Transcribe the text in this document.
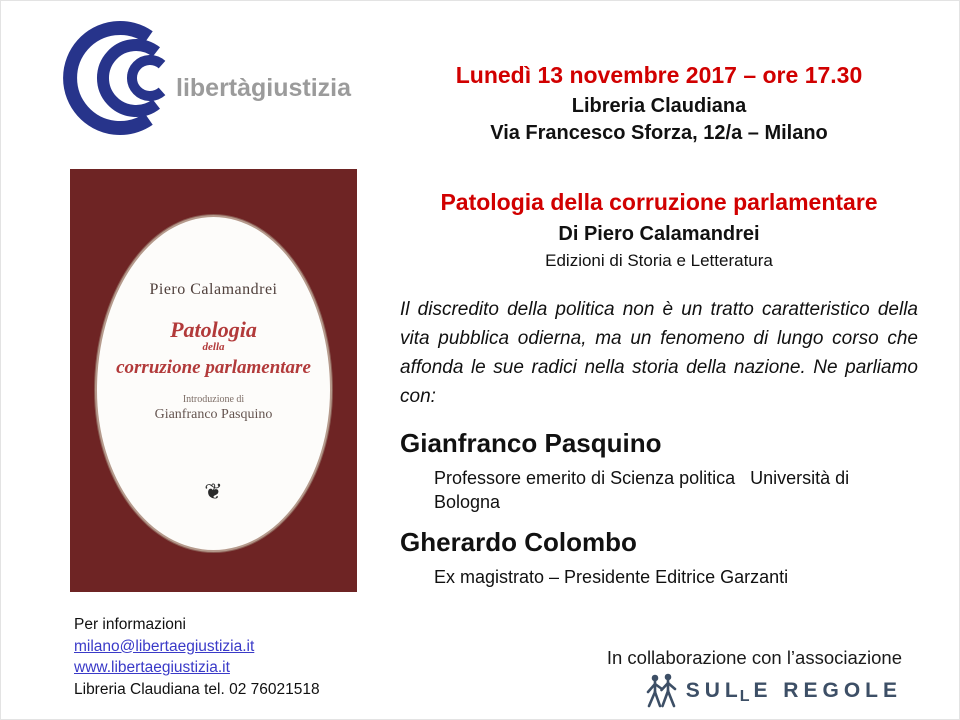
libertàgiustizia	Lunedì 13 novembre 2017 – ore 17.30
Libreria Claudiana
Via Francesco Sforza, 12/a – Milano
Patologia della corruzione parlamentare
Di Piero Calamandrei
Edizioni di Storia e Letteratura
Il discredito della politica non è un tratto caratteristico della vita pubblica odierna, ma un fenomeno di lungo corso che affonda le sue radici nella storia della nazione. Ne parliamo con:
Gianfranco Pasquino
Professore emerito di Scienza politica   Università di Bologna
Gherardo Colombo
Ex magistrato – Presidente Editrice Garzanti
Piero Calamandrei
Patologia
della
corruzione parlamentare
Introduzione di
Gianfranco Pasquino
❦
Per informazioni
milano@libertaegiustizia.it
www.libertaegiustizia.it
Libreria Claudiana tel. 02 76021518
In collaborazione con l’associazione
SULLE REGOLE
